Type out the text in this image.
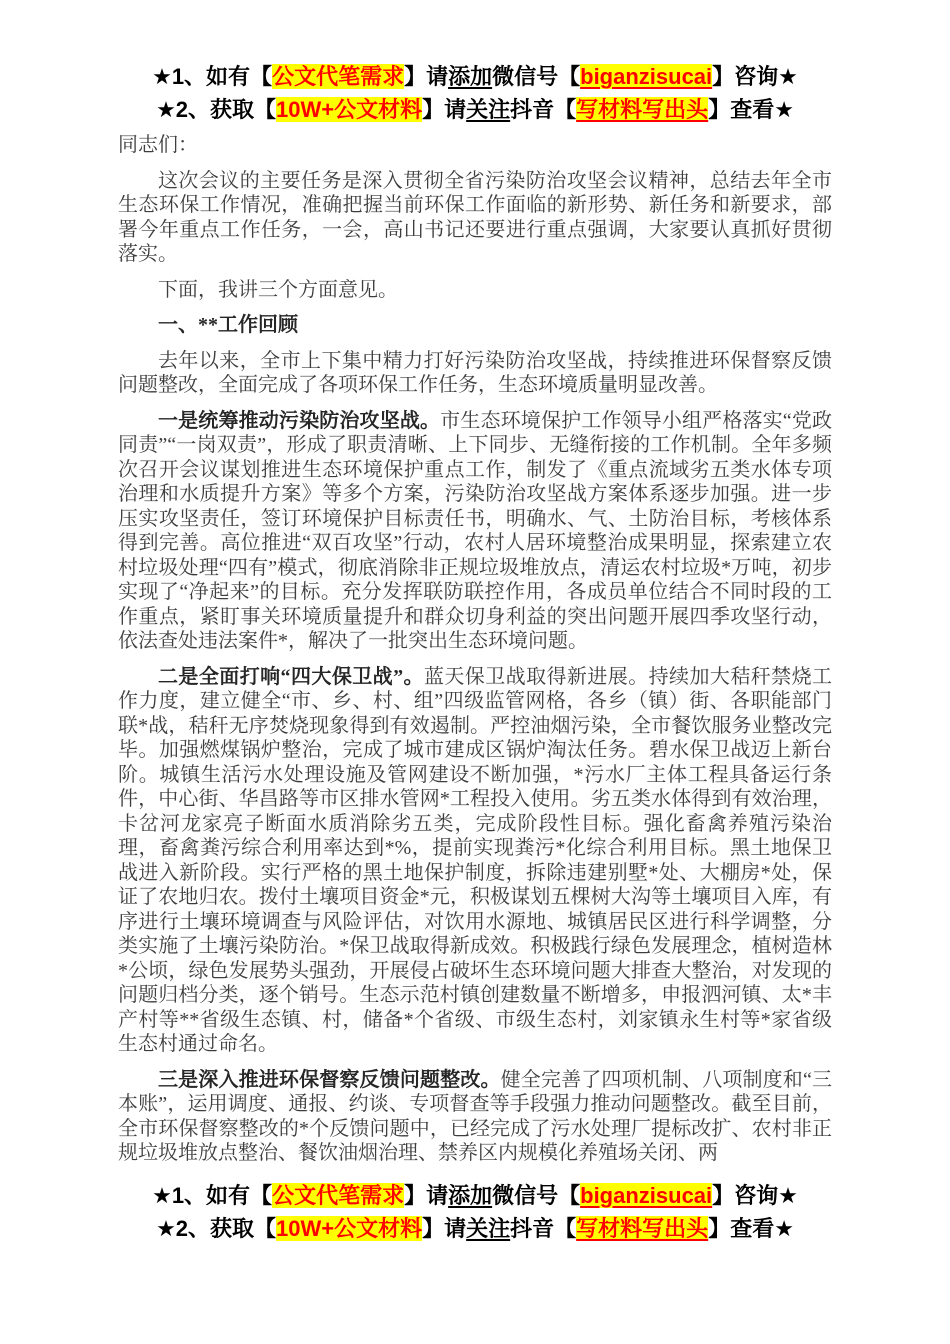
★1、如有【公文代笔需求】请添加微信号【biganzisucai】咨询★

★2、获取【10W+公文材料】请关注抖音【写材料写出头】查看★

同志们：

这次会议的主要任务是深入贯彻全省污染防治攻坚会议精神，总结去年全市生态环保工作情况，准确把握当前环保工作面临的新形势、新任务和新要求，部署今年重点工作任务，一会，高山书记还要进行重点强调，大家要认真抓好贯彻落实。

下面，我讲三个方面意见。

一、**工作回顾

去年以来，全市上下集中精力打好污染防治攻坚战，持续推进环保督察反馈问题整改，全面完成了各项环保工作任务，生态环境质量明显改善。

一是统筹推动污染防治攻坚战。市生态环境保护工作领导小组严格落实“党政同责”“一岗双责”，形成了职责清晰、上下同步、无缝衔接的工作机制。全年多频次召开会议谋划推进生态环境保护重点工作，制发了《重点流域劣五类水体专项治理和水质提升方案》等多个方案，污染防治攻坚战方案体系逐步加强。进一步压实攻坚责任，签订环境保护目标责任书，明确水、气、土防治目标，考核体系得到完善。高位推进“双百攻坚”行动，农村人居环境整治成果明显，探索建立农村垃圾处理“四有”模式，彻底消除非正规垃圾堆放点，清运农村垃圾*万吨，初步实现了“净起来”的目标。充分发挥联防联控作用，各成员单位结合不同时段的工作重点，紧盯事关环境质量提升和群众切身利益的突出问题开展四季攻坚行动，依法查处违法案件*，解决了一批突出生态环境问题。

二是全面打响“四大保卫战”。蓝天保卫战取得新进展。持续加大秸秆禁烧工作力度，建立健全“市、乡、村、组”四级监管网格，各乡（镇）街、各职能部门联*战，秸秆无序焚烧现象得到有效遏制。严控油烟污染，全市餐饮服务业整改完毕。加强燃煤锅炉整治，完成了城市建成区锅炉淘汰任务。碧水保卫战迈上新台阶。城镇生活污水处理设施及管网建设不断加强，*污水厂主体工程具备运行条件，中心街、华昌路等市区排水管网*工程投入使用。劣五类水体得到有效治理，卡岔河龙家亮子断面水质消除劣五类，完成阶段性目标。强化畜禽养殖污染治理，畜禽粪污综合利用率达到*%，提前实现粪污*化综合利用目标。黑土地保卫战进入新阶段。实行严格的黑土地保护制度，拆除违建别墅*处、大棚房*处，保证了农地归农。拨付土壤项目资金*元，积极谋划五棵树大沟等土壤项目入库，有序进行土壤环境调查与风险评估，对饮用水源地、城镇居民区进行科学调整，分类实施了土壤污染防治。*保卫战取得新成效。积极践行绿色发展理念，植树造林*公顷，绿色发展势头强劲，开展侵占破坏生态环境问题大排查大整治，对发现的问题归档分类，逐个销号。生态示范村镇创建数量不断增多，申报泗河镇、太*丰产村等**省级生态镇、村，储备*个省级、市级生态村，刘家镇永生村等*家省级生态村通过命名。

三是深入推进环保督察反馈问题整改。健全完善了四项机制、八项制度和“三本账”，运用调度、通报、约谈、专项督查等手段强力推动问题整改。截至目前，全市环保督察整改的*个反馈问题中，已经完成了污水处理厂提标改扩、农村非正规垃圾堆放点整治、餐饮油烟治理、禁养区内规模化养殖场关闭、两

★1、如有【公文代笔需求】请添加微信号【biganzisucai】咨询★

★2、获取【10W+公文材料】请关注抖音【写材料写出头】查看★
